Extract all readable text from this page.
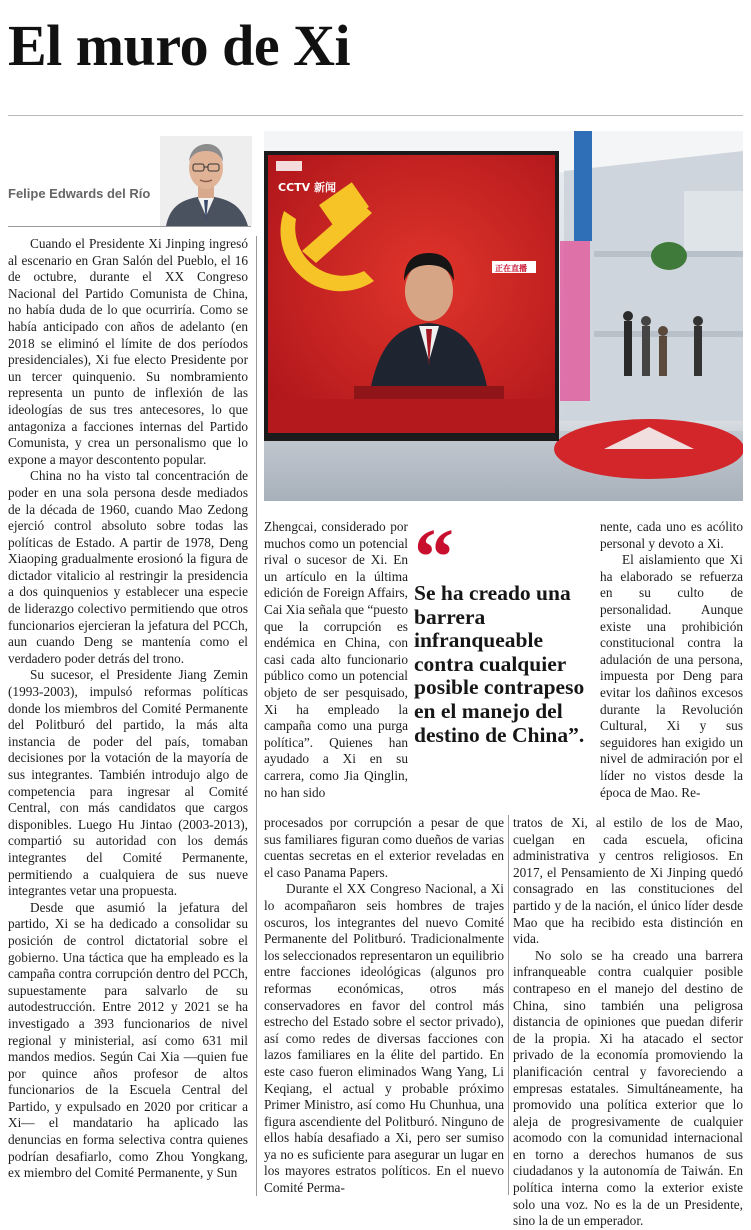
El muro de Xi
Felipe Edwards del Río	CCTV 新闻
正在直播

Cuando el Presidente Xi Jinping ingresó al escenario en Gran Salón del Pueblo, el 16 de octubre, durante el XX Congreso Nacional del Partido Comunista de China, no había duda de lo que ocurriría. Como se había anticipado con años de adelanto (en 2018 se eliminó el límite de dos períodos presidenciales), Xi fue electo Presidente por un tercer quinquenio. Su nombramiento representa un punto de inflexión de las ideologías de sus tres antecesores, lo que antagoniza a facciones internas del Partido Comunista, y crea un personalismo que lo expone a mayor descontento popular.

China no ha visto tal concentración de poder en una sola persona desde mediados de la década de 1960, cuando Mao Zedong ejerció control absoluto sobre todas las políticas de Estado. A partir de 1978, Deng Xiaoping gradualmente erosionó la figura de dictador vitalicio al restringir la presidencia a dos quinquenios y establecer una especie de liderazgo colectivo permitiendo que otros funcionarios ejercieran la jefatura del PCCh, aun cuando Deng se mantenía como el verdadero poder detrás del trono.

Su sucesor, el Presidente Jiang Zemin (1993-2003), impulsó reformas políticas donde los miembros del Comité Permanente del Politburó del partido, la más alta instancia de poder del país, tomaban decisiones por la votación de la mayoría de sus integrantes. También introdujo algo de competencia para ingresar al Comité Central, con más candidatos que cargos disponibles. Luego Hu Jintao (2003-2013), compartió su autoridad con los demás integrantes del Comité Permanente, permitiendo a cualquiera de sus nueve integrantes vetar una propuesta.

Desde que asumió la jefatura del partido, Xi se ha dedicado a consolidar su posición de control dictatorial sobre el gobierno. Una táctica que ha empleado es la campaña contra corrupción dentro del PCCh, supuestamente para salvarlo de su autodestrucción. Entre 2012 y 2021 se ha investigado a 393 funcionarios de nivel regional y ministerial, así como 631 mil mandos medios. Según Cai Xia —quien fue por quince años profesor de altos funcionarios de la Escuela Central del Partido, y expulsado en 2020 por criticar a Xi— el mandatario ha aplicado las denuncias en forma selectiva contra quienes podrían desafiarlo, como Zhou Yongkang, ex miembro del Comité Permanente, y Sun

Zhengcai, considerado por muchos como un potencial rival o sucesor de Xi. En un artículo en la última edición de Foreign Affairs, Cai Xia señala que “puesto que la corrupción es endémica en China, con casi cada alto funcionario público como un potencial objeto de ser pesquisado, Xi ha empleado la campaña como una purga política”. Quienes han ayudado a Xi en su carrera, como Jia Qinglin, no han sido
“
Se ha creado una barrera infranqueable contra cualquier posible contrapeso en el manejo del destino de China”.

procesados por corrupción a pesar de que sus familiares figuran como dueños de varias cuentas secretas en el exterior reveladas en el caso Panama Papers.

Durante el XX Congreso Nacional, a Xi lo acompañaron seis hombres de trajes oscuros, los integrantes del nuevo Comité Permanente del Politburó. Tradicionalmente los seleccionados representaron un equilibrio entre facciones ideológicas (algunos pro reformas económicas, otros más conservadores en favor del control más estrecho del Estado sobre el sector privado), así como redes de diversas facciones con lazos familiares en la élite del partido. En este caso fueron eliminados Wang Yang, Li Keqiang, el actual y probable próximo Primer Ministro, así como Hu Chunhua, una figura ascendiente del Politburó. Ninguno de ellos había desafiado a Xi, pero ser sumiso ya no es suficiente para asegurar un lugar en los mayores estratos políticos. En el nuevo Comité Perma-

nente, cada uno es acólito personal y devoto a Xi.

El aislamiento que Xi ha elaborado se refuerza en su culto de personalidad. Aunque existe una prohibición constitucional contra la adulación de una persona, impuesta por Deng para evitar los dañinos excesos durante la Revolución Cultural, Xi y sus seguidores han exigido un nivel de admiración por el líder no vistos desde la época de Mao. Re-

tratos de Xi, al estilo de los de Mao, cuelgan en cada escuela, oficina administrativa y centros religiosos. En 2017, el Pensamiento de Xi Jinping quedó consagrado en las constituciones del partido y de la nación, el único líder desde Mao que ha recibido esta distinción en vida.

No solo se ha creado una barrera infranqueable contra cualquier posible contrapeso en el manejo del destino de China, sino también una peligrosa distancia de opiniones que puedan diferir de la propia. Xi ha atacado el sector privado de la economía promoviendo la planificación central y favoreciendo a empresas estatales. Simultáneamente, ha promovido una política exterior que lo aleja de progresivamente de cualquier acomodo con la comunidad internacional en torno a derechos humanos de sus ciudadanos y la autonomía de Taiwán. En política interna como la exterior existe solo una voz. No es la de un Presidente, sino la de un emperador.
